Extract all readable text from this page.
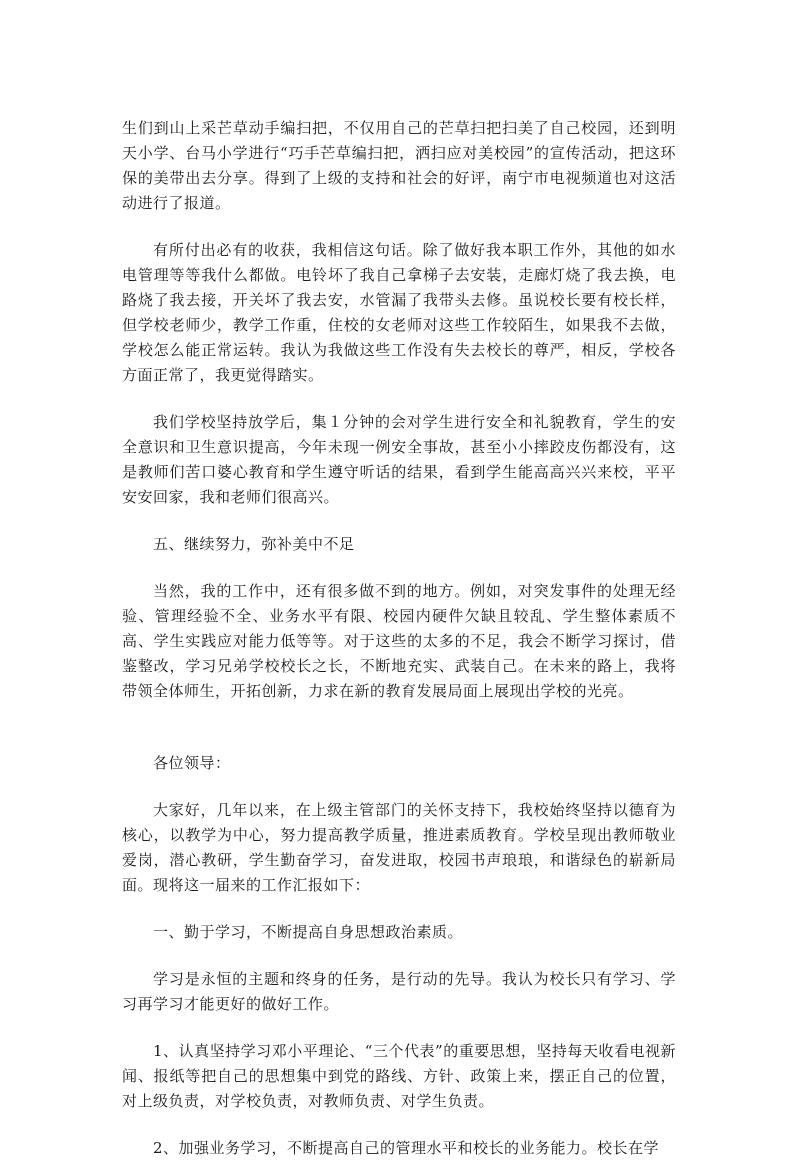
生们到山上采芒草动手编扫把，不仅用自己的芒草扫把扫美了自己校园，还到明天小学、台马小学进行“巧手芒草编扫把，洒扫应对美校园”的宣传活动，把这环保的美带出去分享。得到了上级的支持和社会的好评，南宁市电视频道也对这活动进行了报道。

有所付出必有的收获，我相信这句话。除了做好我本职工作外，其他的如水电管理等等我什么都做。电铃坏了我自己拿梯子去安装，走廊灯烧了我去换，电路烧了我去接，开关坏了我去安，水管漏了我带头去修。虽说校长要有校长样，但学校老师少，教学工作重，住校的女老师对这些工作较陌生，如果我不去做，学校怎么能正常运转。我认为我做这些工作没有失去校长的尊严，相反，学校各方面正常了，我更觉得踏实。

我们学校坚持放学后，集１分钟的会对学生进行安全和礼貌教育，学生的安全意识和卫生意识提高，今年未现一例安全事故，甚至小小摔跤皮伤都没有，这是教师们苦口婆心教育和学生遵守听话的结果，看到学生能高高兴兴来校，平平安安回家，我和老师们很高兴。

五、继续努力，弥补美中不足

当然，我的工作中，还有很多做不到的地方。例如，对突发事件的处理无经验、管理经验不全、业务水平有限、校园内硬件欠缺且较乱、学生整体素质不高、学生实践应对能力低等等。对于这些的太多的不足，我会不断学习探讨，借鉴整改，学习兄弟学校校长之长，不断地充实、武装自己。在未来的路上，我将带领全体师生，开拓创新，力求在新的教育发展局面上展现出学校的光亮。

各位领导：

大家好，几年以来，在上级主管部门的关怀支持下，我校始终坚持以德育为核心，以教学为中心，努力提高教学质量，推进素质教育。学校呈现出教师敬业爱岗，潜心教研，学生勤奋学习，奋发进取，校园书声琅琅，和谐绿色的崭新局面。现将这一届来的工作汇报如下：

一、勤于学习，不断提高自身思想政治素质。

学习是永恒的主题和终身的任务，是行动的先导。我认为校长只有学习、学习再学习才能更好的做好工作。

1、认真坚持学习邓小平理论、“三个代表”的重要思想，坚持每天收看电视新闻、报纸等把自己的思想集中到党的路线、方针、政策上来，摆正自己的位置，对上级负责，对学校负责，对教师负责、对学生负责。

2、加强业务学习，不断提高自己的管理水平和校长的业务能力。校长在学
